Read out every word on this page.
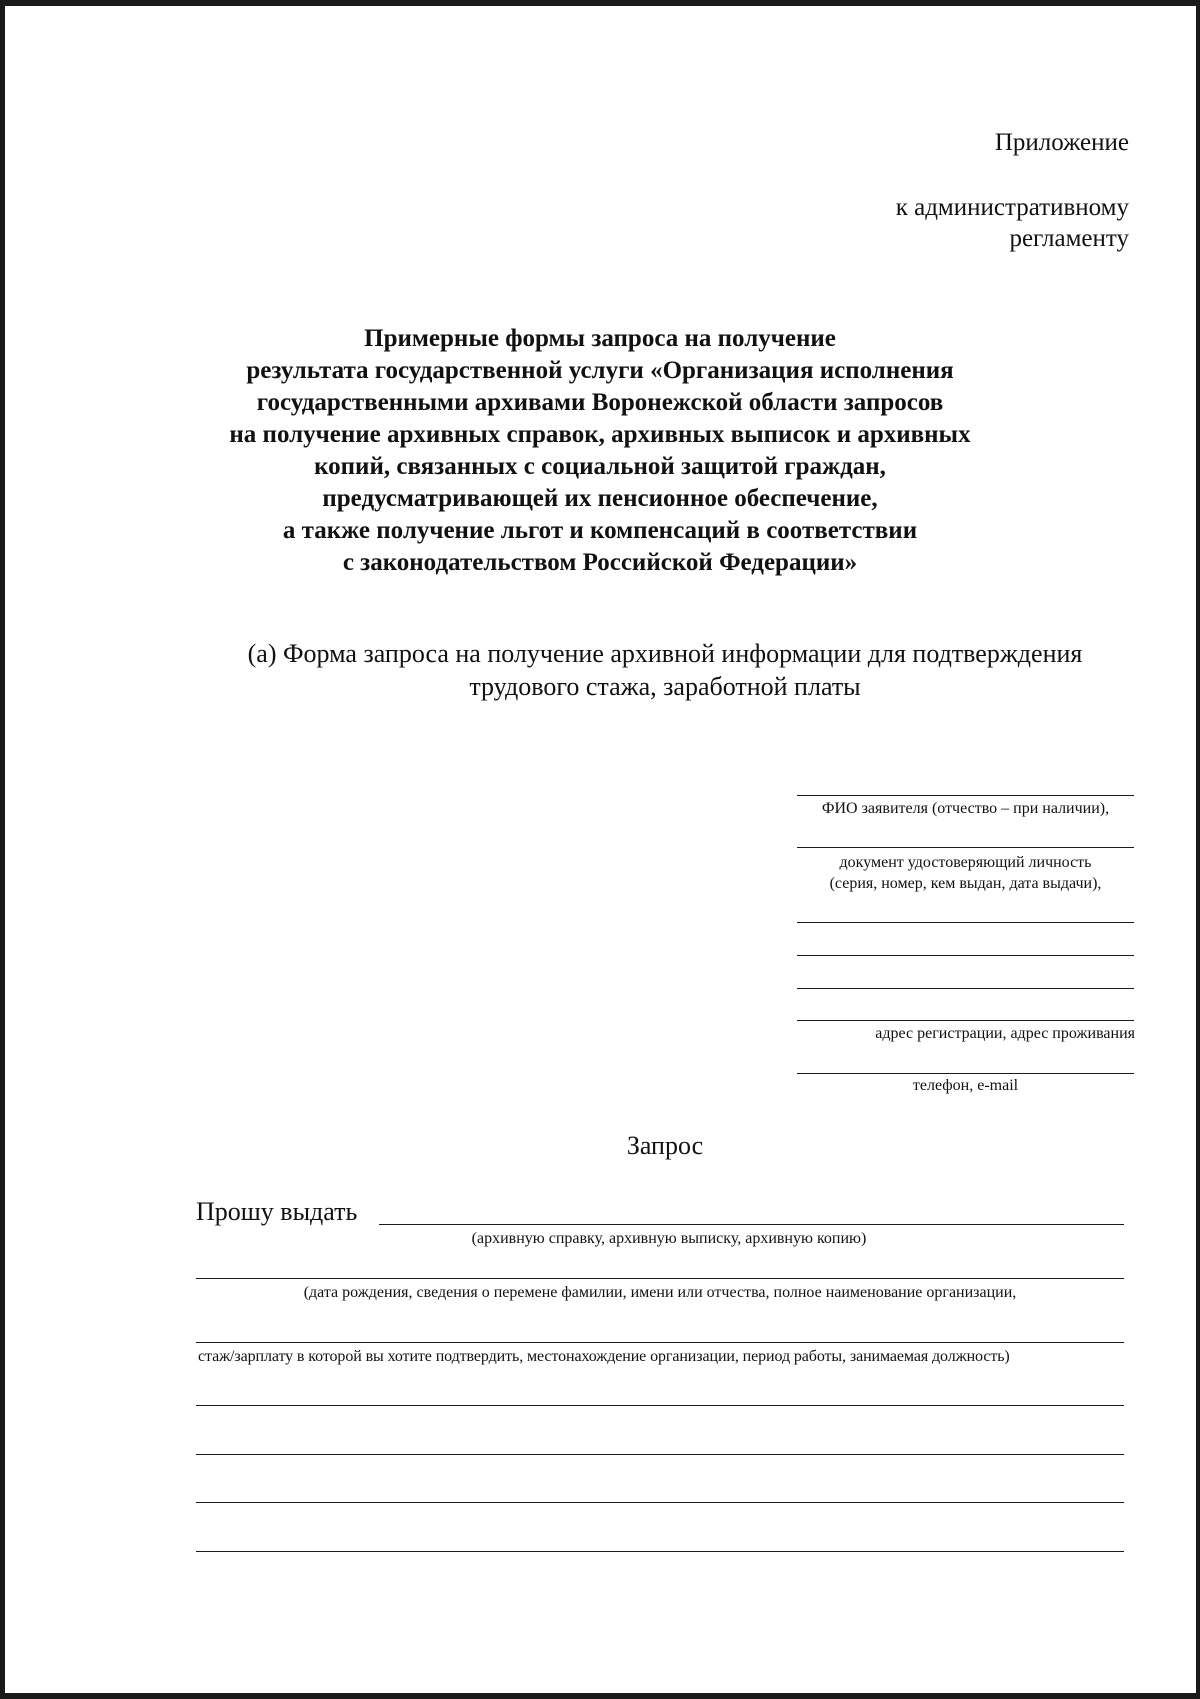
Приложение
к административному
регламенту
Примерные формы запроса на получение
результата государственной услуги «Организация исполнения
государственными архивами Воронежской области запросов
на получение архивных справок, архивных выписок и архивных
копий, связанных с социальной защитой граждан,
предусматривающей их пенсионное обеспечение,
а также получение льгот и компенсаций в соответствии
с законодательством Российской Федерации»
(а) Форма запроса на получение архивной информации для подтверждения
трудового стажа, заработной платы
ФИО заявителя (отчество – при наличии),
документ удостоверяющий личность
(серия, номер, кем выдан, дата выдачи),
адрес регистрации, адрес проживания
телефон, e-mail
Запрос
Прошу выдать
(архивную справку, архивную выписку, архивную копию)
(дата рождения, сведения о перемене фамилии, имени или отчества, полное наименование организации,
стаж/зарплату в которой вы хотите подтвердить, местонахождение организации, период работы, занимаемая должность)
